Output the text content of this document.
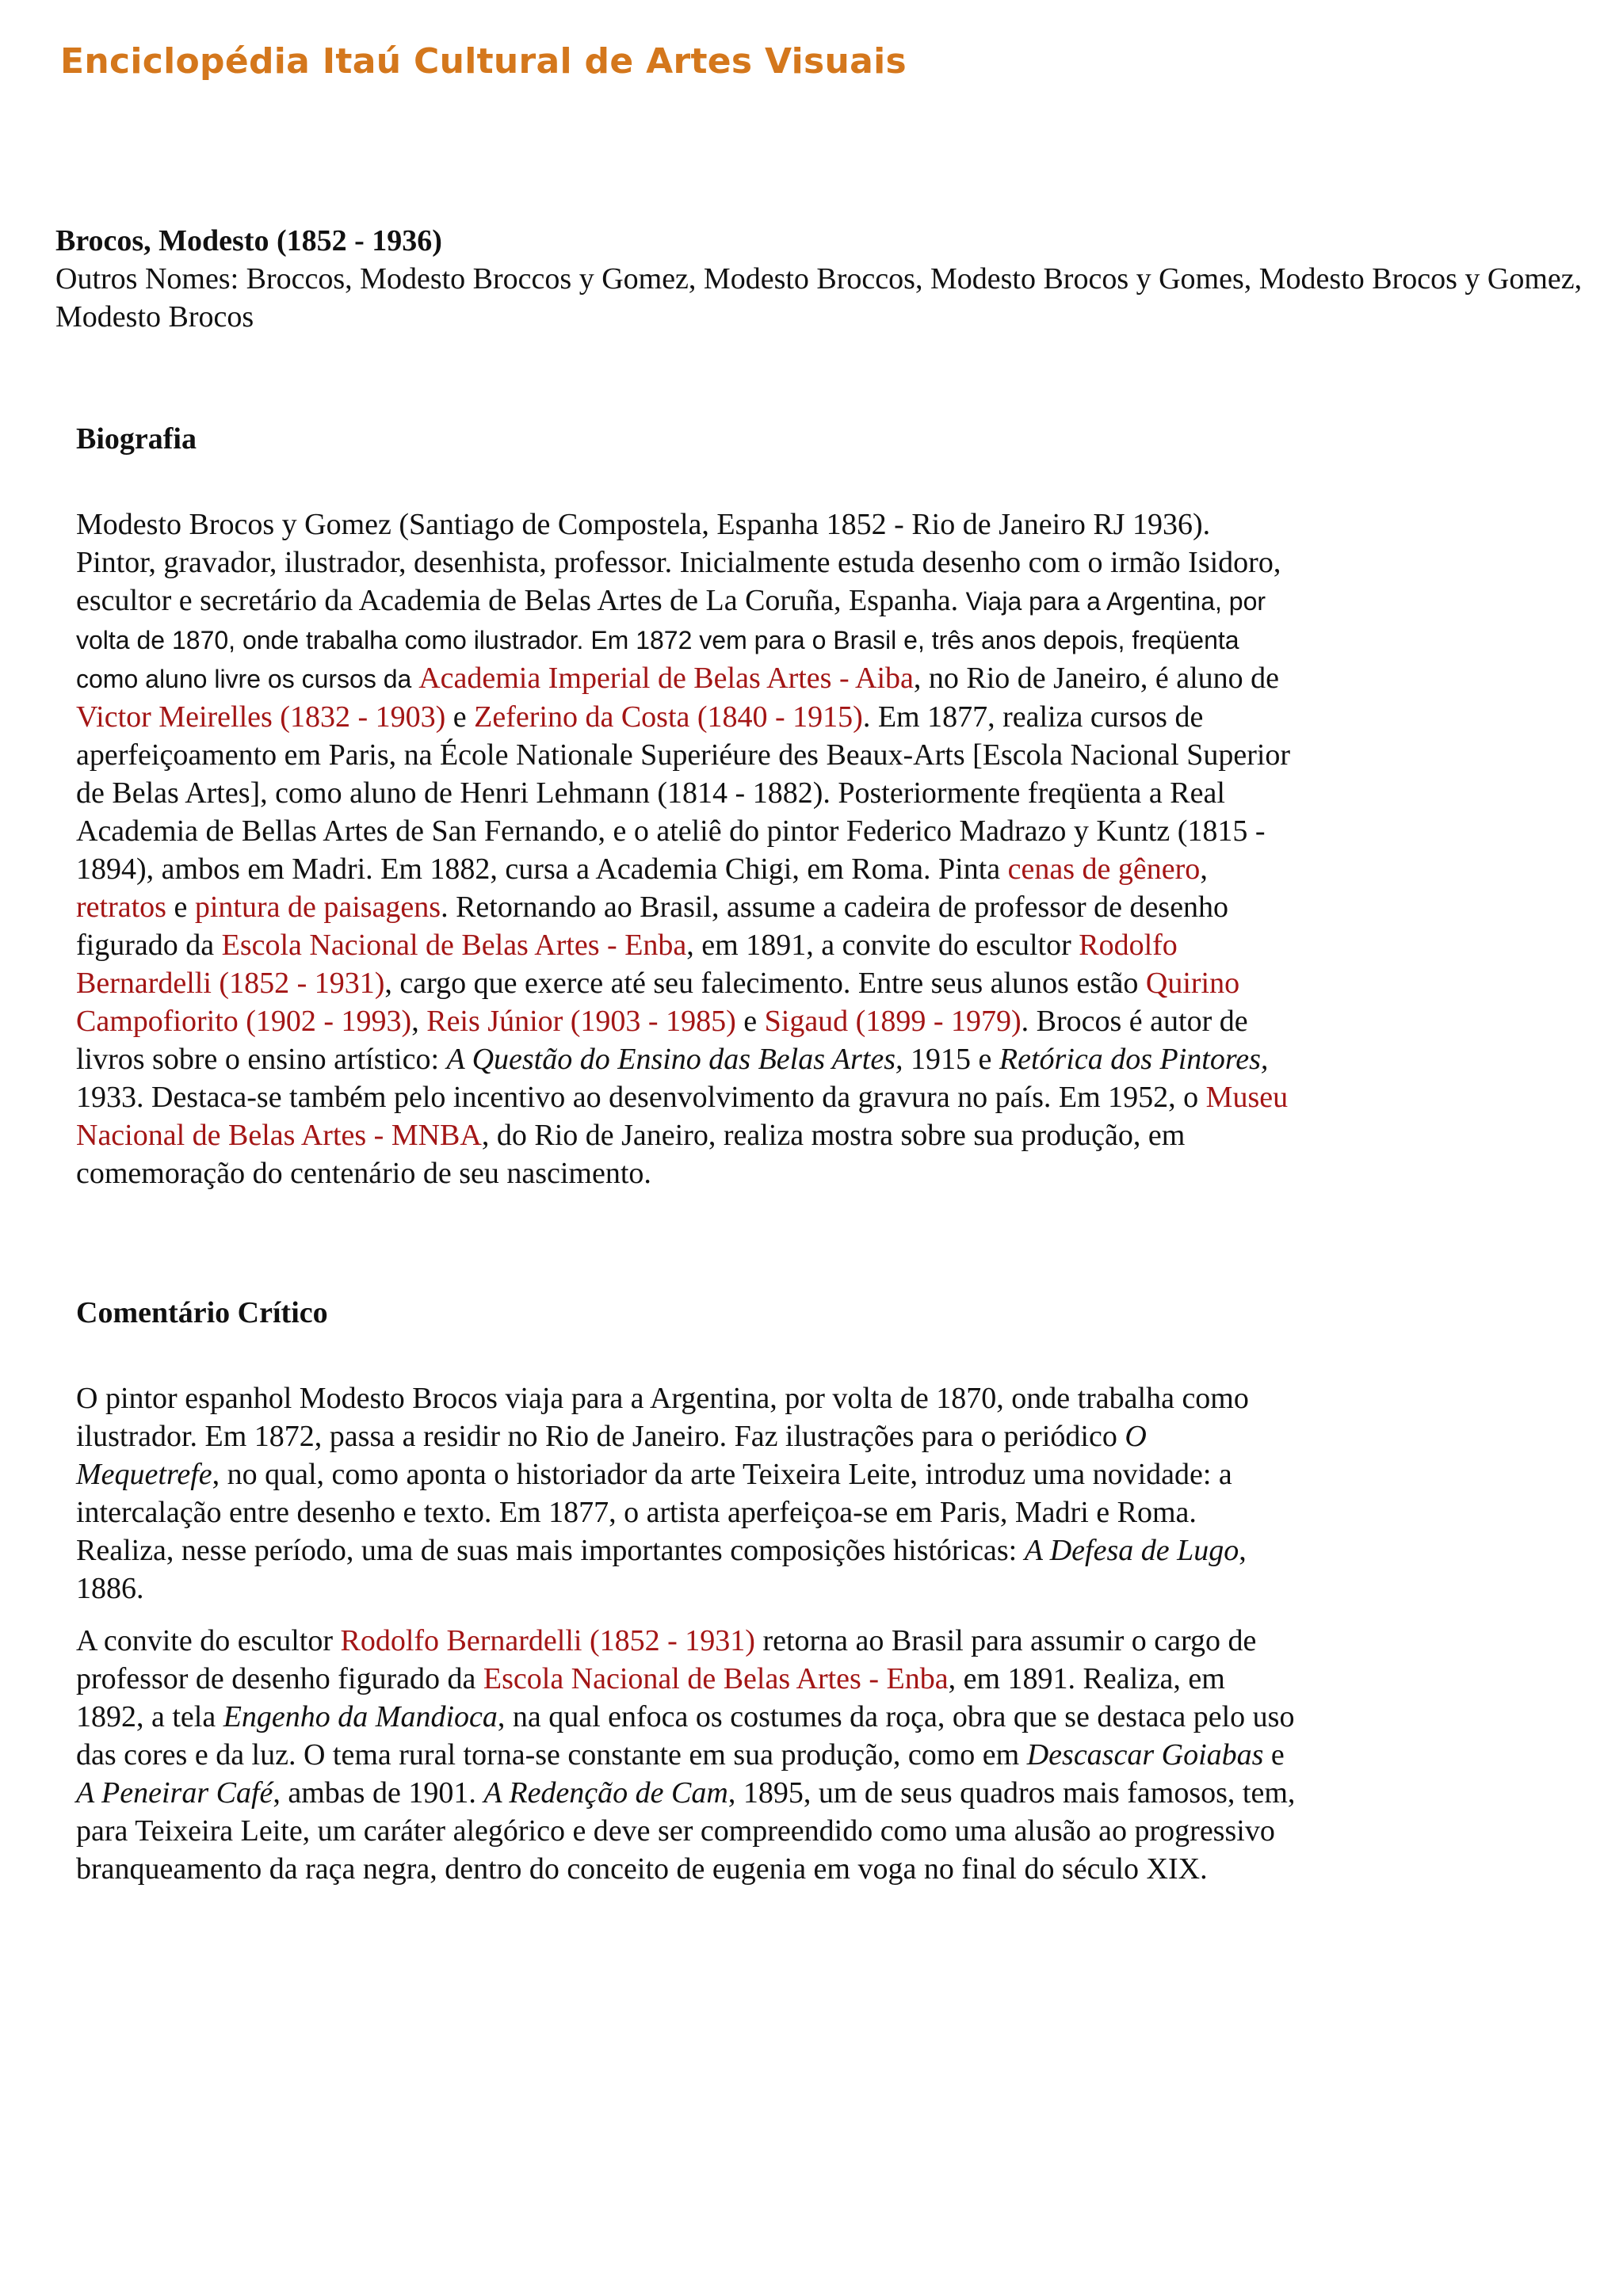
Enciclopédia Itaú Cultural de Artes Visuais
Brocos, Modesto (1852 - 1936)
Outros Nomes: Broccos, Modesto Broccos y Gomez, Modesto Broccos, Modesto Brocos y Gomes, Modesto Brocos y Gomez, Modesto Brocos
Biografia

Modesto Brocos y Gomez (Santiago de Compostela, Espanha 1852 - Rio de Janeiro RJ 1936). Pintor, gravador, ilustrador, desenhista, professor. Inicialmente estuda desenho com o irmão Isidoro, escultor e secretário da Academia de Belas Artes de La Coruña, Espanha. Viaja para a Argentina, por volta de 1870, onde trabalha como ilustrador. Em 1872 vem para o Brasil e, três anos depois, freqüenta como aluno livre os cursos da Academia Imperial de Belas Artes - Aiba, no Rio de Janeiro, é aluno de Victor Meirelles (1832 - 1903) e Zeferino da Costa (1840 - 1915). Em 1877, realiza cursos de aperfeiçoamento em Paris, na École Nationale Superiéure des Beaux-Arts [Escola Nacional Superior de Belas Artes], como aluno de Henri Lehmann (1814 - 1882). Posteriormente freqüenta a Real Academia de Bellas Artes de San Fernando, e o ateliê do pintor Federico Madrazo y Kuntz (1815 - 1894), ambos em Madri. Em 1882, cursa a Academia Chigi, em Roma. Pinta cenas de gênero, retratos e pintura de paisagens. Retornando ao Brasil, assume a cadeira de professor de desenho figurado da Escola Nacional de Belas Artes - Enba, em 1891, a convite do escultor Rodolfo Bernardelli (1852 - 1931), cargo que exerce até seu falecimento. Entre seus alunos estão Quirino Campofiorito (1902 - 1993), Reis Júnior (1903 - 1985) e Sigaud (1899 - 1979). Brocos é autor de livros sobre o ensino artístico: A Questão do Ensino das Belas Artes, 1915 e Retórica dos Pintores, 1933. Destaca-se também pelo incentivo ao desenvolvimento da gravura no país. Em 1952, o Museu Nacional de Belas Artes - MNBA, do Rio de Janeiro, realiza mostra sobre sua produção, em comemoração do centenário de seu nascimento.

Comentário Crítico

O pintor espanhol Modesto Brocos viaja para a Argentina, por volta de 1870, onde trabalha como ilustrador. Em 1872, passa a residir no Rio de Janeiro. Faz ilustrações para o periódico O Mequetrefe, no qual, como aponta o historiador da arte Teixeira Leite, introduz uma novidade: a intercalação entre desenho e texto. Em 1877, o artista aperfeiçoa-se em Paris, Madri e Roma. Realiza, nesse período, uma de suas mais importantes composições históricas: A Defesa de Lugo, 1886.

A convite do escultor Rodolfo Bernardelli (1852 - 1931) retorna ao Brasil para assumir o cargo de professor de desenho figurado da Escola Nacional de Belas Artes - Enba, em 1891. Realiza, em 1892, a tela Engenho da Mandioca, na qual enfoca os costumes da roça, obra que se destaca pelo uso das cores e da luz. O tema rural torna-se constante em sua produção, como em Descascar Goiabas e A Peneirar Café, ambas de 1901. A Redenção de Cam, 1895, um de seus quadros mais famosos, tem, para Teixeira Leite, um caráter alegórico e deve ser compreendido como uma alusão ao progressivo branqueamento da raça negra, dentro do conceito de eugenia em voga no final do século XIX.
